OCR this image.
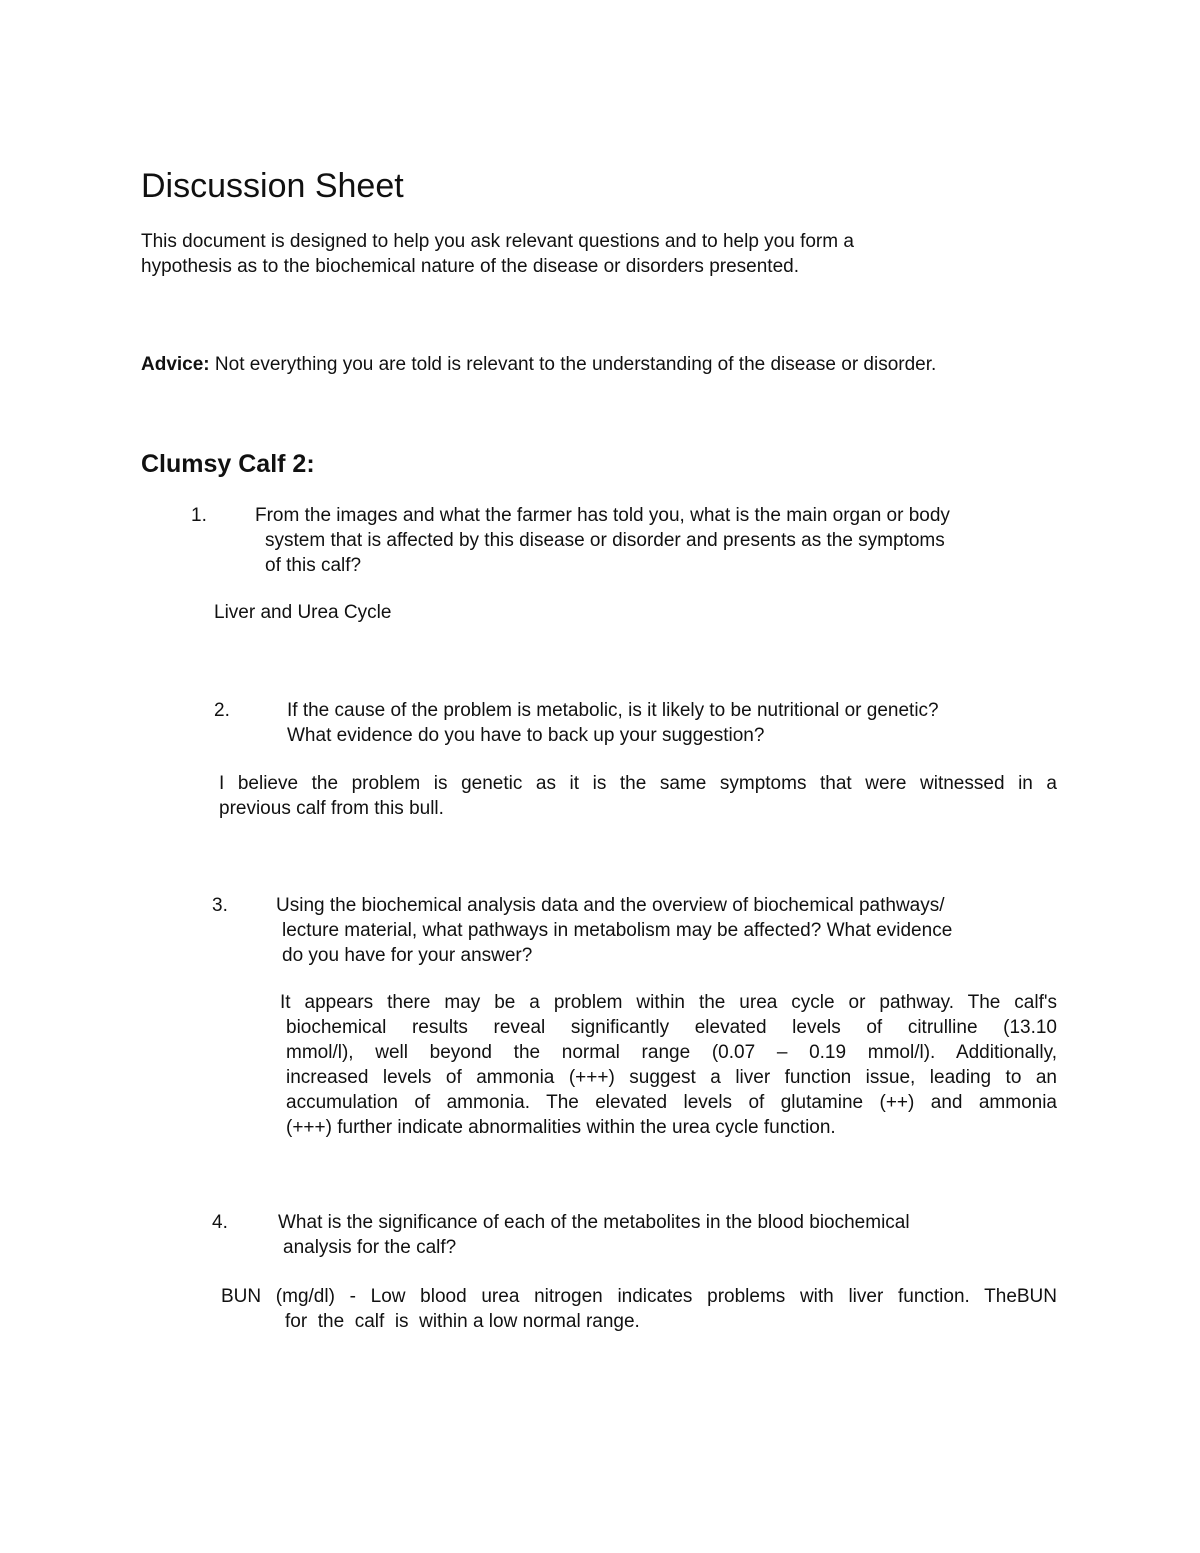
Discussion Sheet
This document is designed to help you ask relevant questions and to help you form a
hypothesis as to the biochemical nature of the disease or disorders presented.
Advice: Not everything you are told is relevant to the understanding of the disease or disorder.
Clumsy Calf 2:
1.	From the images and what the farmer has told you, what is the main organ or body
system that is affected by this disease or disorder and presents as the symptoms
of this calf?
Liver and Urea Cycle
2.	If the cause of the problem is metabolic, is it likely to be nutritional or genetic?
What evidence do you have to back up your suggestion?
I believe the problem is genetic as it is the same symptoms that were witnessed in a
previous calf from this bull.
3.	Using the biochemical analysis data and the overview of biochemical pathways/
lecture material, what pathways in metabolism may be affected? What evidence
do you have for your answer?
It appears there may be a problem within the urea cycle or pathway. The calf's
biochemical results reveal significantly elevated levels of citrulline (13.10
mmol/l), well beyond the normal range (0.07 – 0.19 mmol/l). Additionally,
increased levels of ammonia (+++) suggest a liver function issue, leading to an
accumulation of ammonia. The elevated levels of glutamine (++) and ammonia
(+++) further indicate abnormalities within the urea cycle function.
4.	What is the significance of each of the metabolites in the blood biochemical
analysis for the calf?
BUN (mg/dl) - Low blood urea nitrogen indicates problems with liver function. TheBUN
for  the  calf  is  within a low normal range.
